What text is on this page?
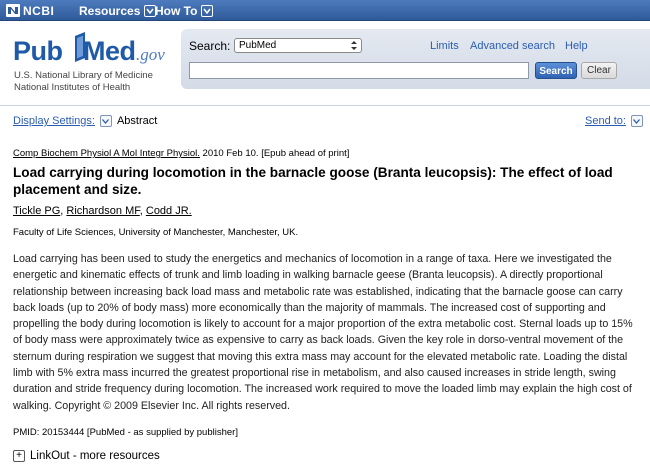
NCBI Resources How To
Pub Med .gov
U.S. National Library of Medicine
National Institutes of Health
Search: PubMed	Limits Advanced search Help
Search	Clear
Display Settings: Abstract	Send to:
Comp Biochem Physiol A Mol Integr Physiol. 2010 Feb 10. [Epub ahead of print]
Load carrying during locomotion in the barnacle goose (Branta leucopsis): The effect of load placement and size.
Tickle PG, Richardson MF, Codd JR.
Faculty of Life Sciences, University of Manchester, Manchester, UK.
Load carrying has been used to study the energetics and mechanics of locomotion in a range of taxa. Here we investigated the energetic and kinematic effects of trunk and limb loading in walking barnacle geese (Branta leucopsis). A directly proportional relationship between increasing back load mass and metabolic rate was established, indicating that the barnacle goose can carry back loads (up to 20% of body mass) more economically than the majority of mammals. The increased cost of supporting and propelling the body during locomotion is likely to account for a major proportion of the extra metabolic cost. Sternal loads up to 15% of body mass were approximately twice as expensive to carry as back loads. Given the key role in dorso-ventral movement of the sternum during respiration we suggest that moving this extra mass may account for the elevated metabolic rate. Loading the distal limb with 5% extra mass incurred the greatest proportional rise in metabolism, and also caused increases in stride length, swing duration and stride frequency during locomotion. The increased work required to move the loaded limb may explain the high cost of walking. Copyright © 2009 Elsevier Inc. All rights reserved.
PMID: 20153444 [PubMed - as supplied by publisher]
+ LinkOut - more resources
